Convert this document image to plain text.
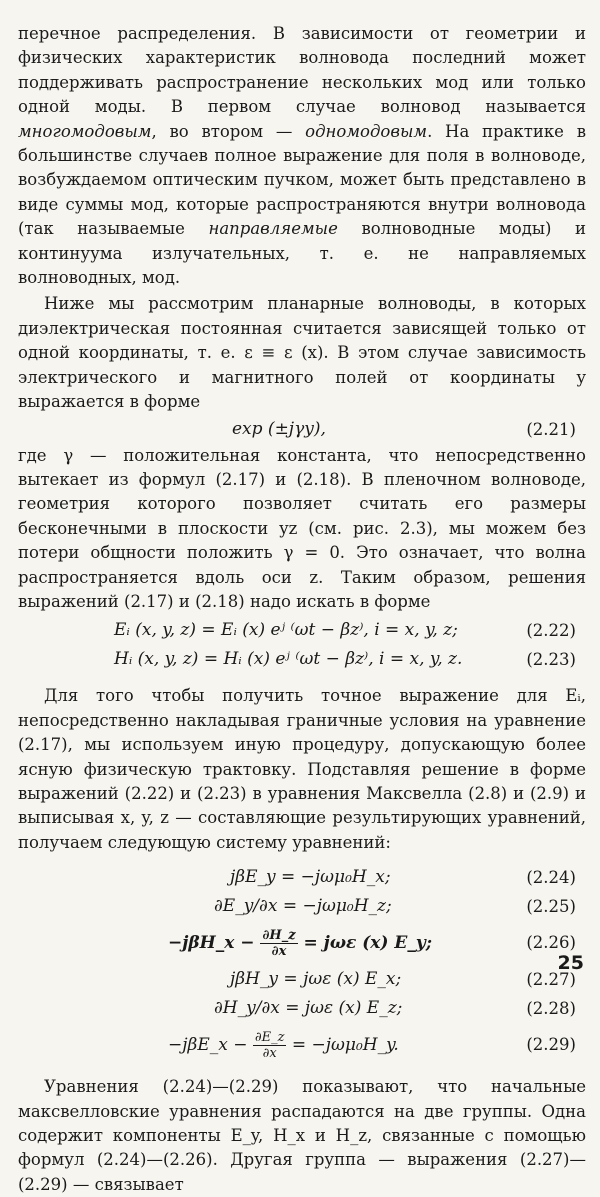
перечное распределения. В зависимости от геометрии и физических характеристик волновода последний может поддерживать распространение нескольких мод или только одной моды. В первом случае волновод называется многомодовым, во втором — одномодовым. На практике в большинстве случаев полное выражение для поля в волноводе, возбуждаемом оптическим пучком, может быть представлено в виде суммы мод, которые распространяются внутри волновода (так называемые направляемые волноводные моды) и континуума излучательных, т. е. не направляемых волноводных, мод.

Ниже мы рассмотрим планарные волноводы, в которых диэлектрическая постоянная считается зависящей только от одной координаты, т. е. ε ≡ ε (x). В этом случае зависимость электрического и магнитного полей от координаты y выражается в форме

exp (±jγy),	(2.21)

где γ — положительная константа, что непосредственно вытекает из формул (2.17) и (2.18). В пленочном волноводе, геометрия которого позволяет считать его размеры бесконечными в плоскости yz (см. рис. 2.3), мы можем без потери общности положить γ = 0. Это означает, что волна распространяется вдоль оси z. Таким образом, решения выражений (2.17) и (2.18) надо искать в форме

Eᵢ (x, y, z) = Eᵢ (x) eʲ ⁽ωt − βz⁾, i = x, y, z;	(2.22)
Hᵢ (x, y, z) = Hᵢ (x) eʲ ⁽ωt − βz⁾, i = x, y, z.	(2.23)

Для того чтобы получить точное выражение для Eᵢ, непосредственно накладывая граничные условия на уравнение (2.17), мы используем иную процедуру, допускающую более ясную физическую трактовку. Подставляя решение в форме выражений (2.22) и (2.23) в уравнения Максвелла (2.8) и (2.9) и выписывая x, y, z — составляющие результирующих уравнений, получаем следующую систему уравнений:

jβE_y = −jωμ₀H_x;	(2.24)
∂E_y/∂x = −jωμ₀H_z;	(2.25)
−jβH_x − $\frac{\partial H\_z}{\partial x} = j\omega\varepsilon$ (x) E_y;	(2.26)
jβH_y = jωε (x) E_x;	(2.27)
∂H_y/∂x = jωε (x) E_z;	(2.28)
−jβE_x − $\frac{\partial E\_z}{\partial x}$ = −jωμ₀H_y.	(2.29)

Уравнения (2.24)—(2.29) показывают, что начальные максвелловские уравнения распадаются на две группы. Одна содержит компоненты E_y, H_x и H_z, связанные с помощью формул (2.24)—(2.26). Другая группа — выражения (2.27)—(2.29) — связывает

25
